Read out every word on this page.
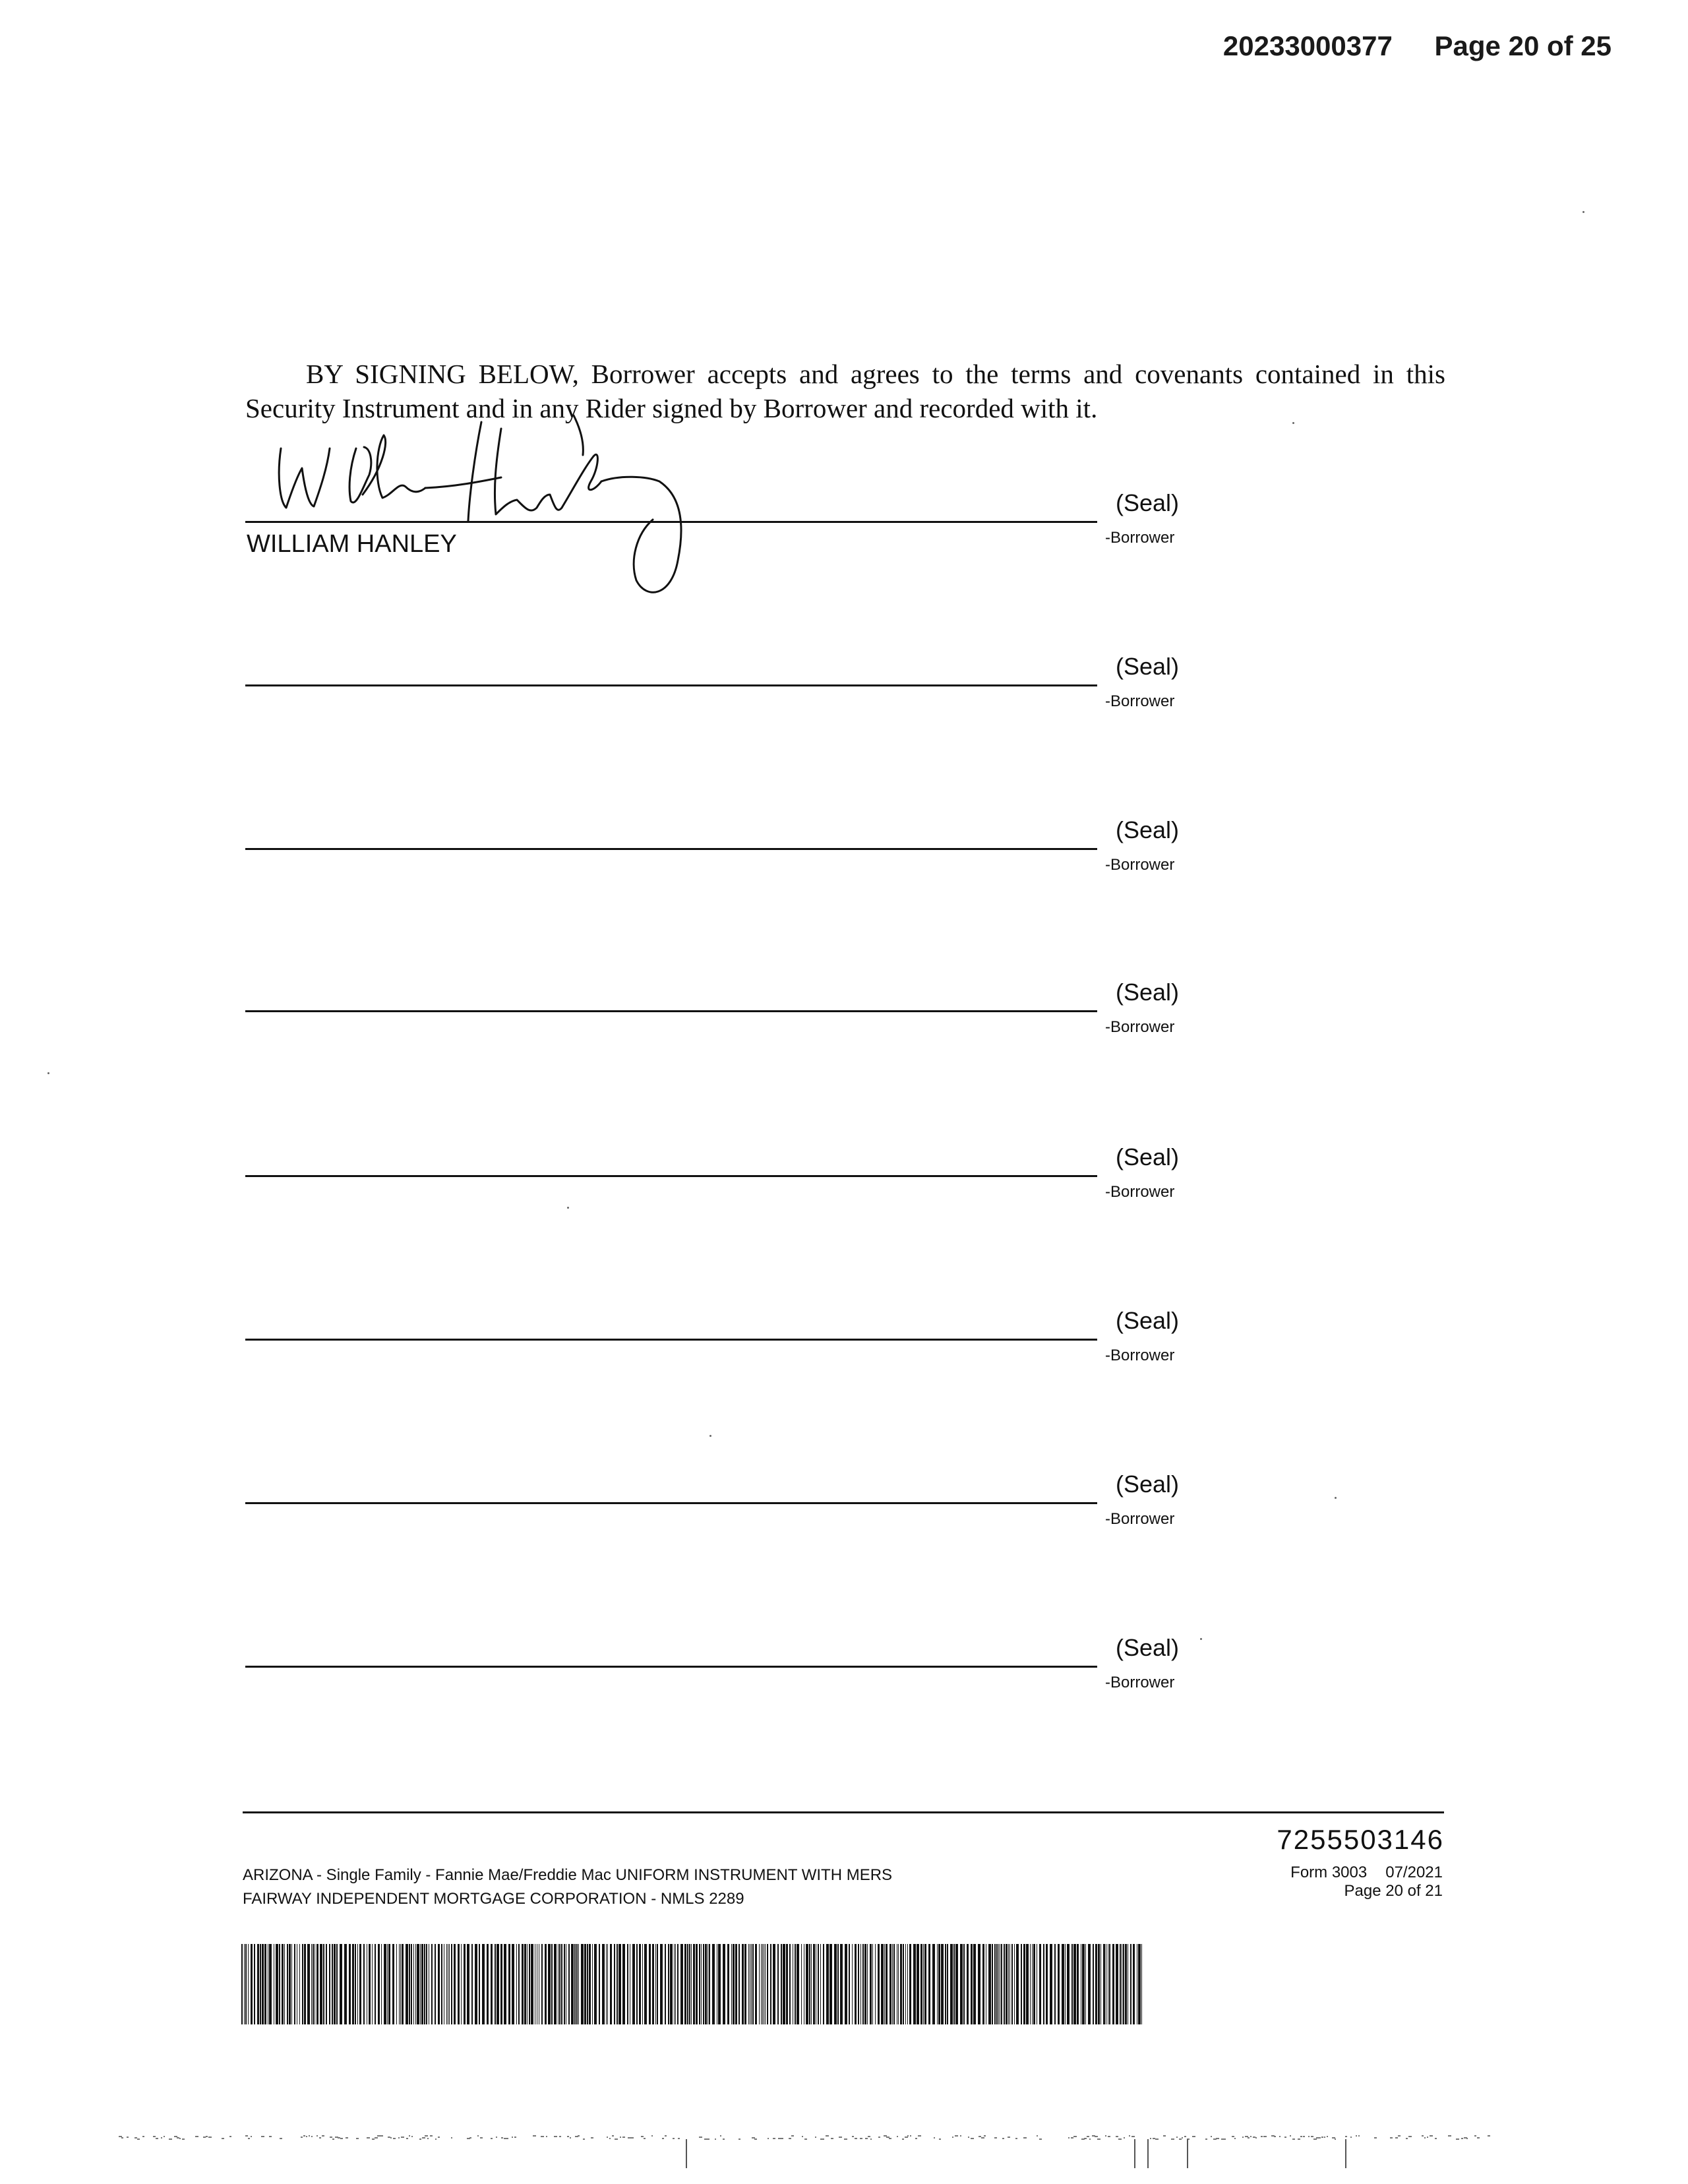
20233000377 Page 20 of 25

BY SIGNING BELOW, Borrower accepts and agrees to the terms and covenants contained in this Security Instrument and in any Rider signed by Borrower and recorded with it.

(Seal)
-Borrower
WILLIAM HANLEY
(Seal)
-Borrower
(Seal)
-Borrower
(Seal)
-Borrower
(Seal)
-Borrower
(Seal)
-Borrower
(Seal)
-Borrower
(Seal)
-Borrower
7255503146
ARIZONA - Single Family - Fannie Mae/Freddie Mac UNIFORM INSTRUMENT WITH MERS
FAIRWAY INDEPENDENT MORTGAGE CORPORATION - NMLS 2289
Form 3003 07/2021
Page 20 of 21
